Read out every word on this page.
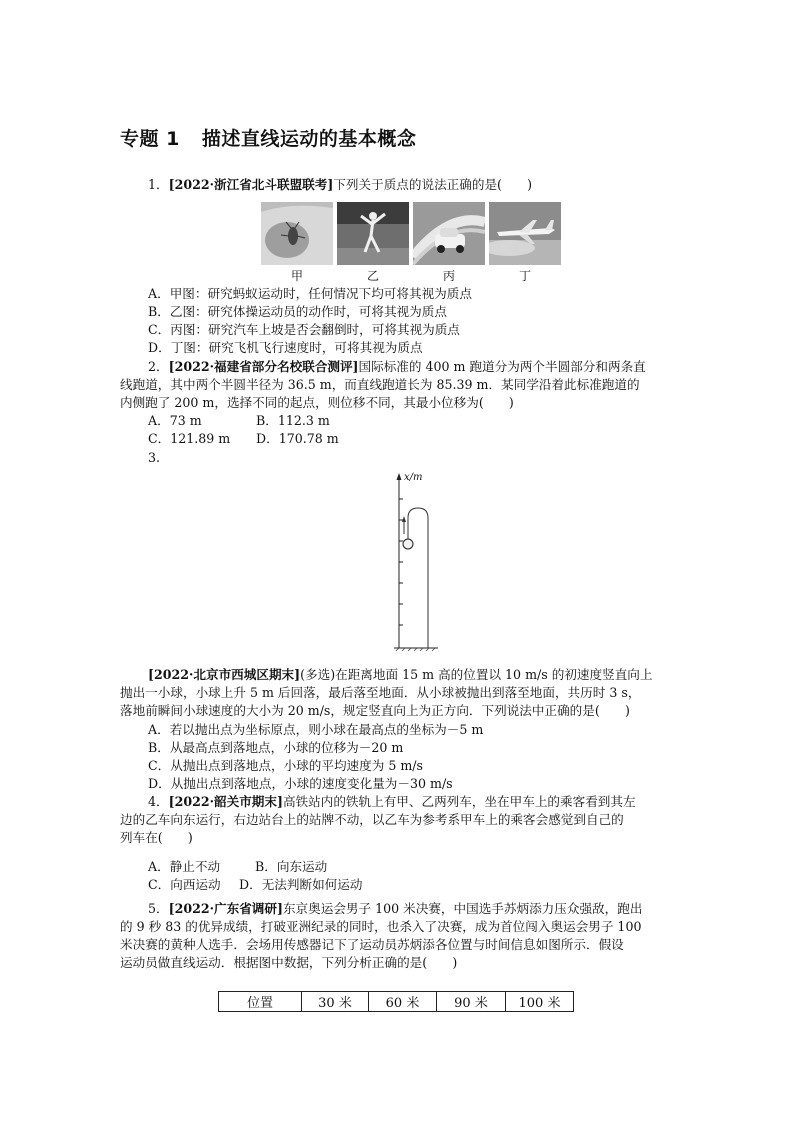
专题 1 描述直线运动的基本概念
1．[2022·浙江省北斗联盟联考]下列关于质点的说法正确的是(　　)
甲	乙	丙	丁
A．甲图：研究蚂蚁运动时，任何情况下均可将其视为质点
B．乙图：研究体操运动员的动作时，可将其视为质点
C．丙图：研究汽车上坡是否会翻倒时，可将其视为质点
D．丁图：研究飞机飞行速度时，可将其视为质点
2．[2022·福建省部分名校联合测评]国际标准的 400 m 跑道分为两个半圆部分和两条直
线跑道，其中两个半圆半径为 36.5 m，而直线跑道长为 85.39 m．某同学沿着此标准跑道的
内侧跑了 200 m，选择不同的起点，则位移不同，其最小位移为(　　)
A．73 m	B．112.3 m
C．121.89 m D．170.78 m
3.
x/m
[2022·北京市西城区期末](多选)在距离地面 15 m 高的位置以 10 m/s 的初速度竖直向上
抛出一小球，小球上升 5 m 后回落，最后落至地面．从小球被抛出到落至地面，共历时 3 s，
落地前瞬间小球速度的大小为 20 m/s，规定竖直向上为正方向．下列说法中正确的是(　　)
A．若以抛出点为坐标原点，则小球在最高点的坐标为－5 m
B．从最高点到落地点，小球的位移为－20 m
C．从抛出点到落地点，小球的平均速度为 5 m/s
D．从抛出点到落地点，小球的速度变化量为－30 m/s
4．[2022·韶关市期末]高铁站内的铁轨上有甲、乙两列车，坐在甲车上的乘客看到其左
边的乙车向东运行，右边站台上的站牌不动，以乙车为参考系甲车上的乘客会感觉到自己的
列车在(　　)
A．静止不动	B．向东运动
C．向西运动 D．无法判断如何运动
5．[2022·广东省调研]东京奥运会男子 100 米决赛，中国选手苏炳添力压众强敌，跑出
的 9 秒 83 的优异成绩，打破亚洲纪录的同时，也杀入了决赛，成为首位闯入奥运会男子 100
米决赛的黄种人选手．会场用传感器记下了运动员苏炳添各位置与时间信息如图所示．假设
运动员做直线运动．根据图中数据，下列分析正确的是(　　)
位置	30 米	60 米	90 米	100 米
